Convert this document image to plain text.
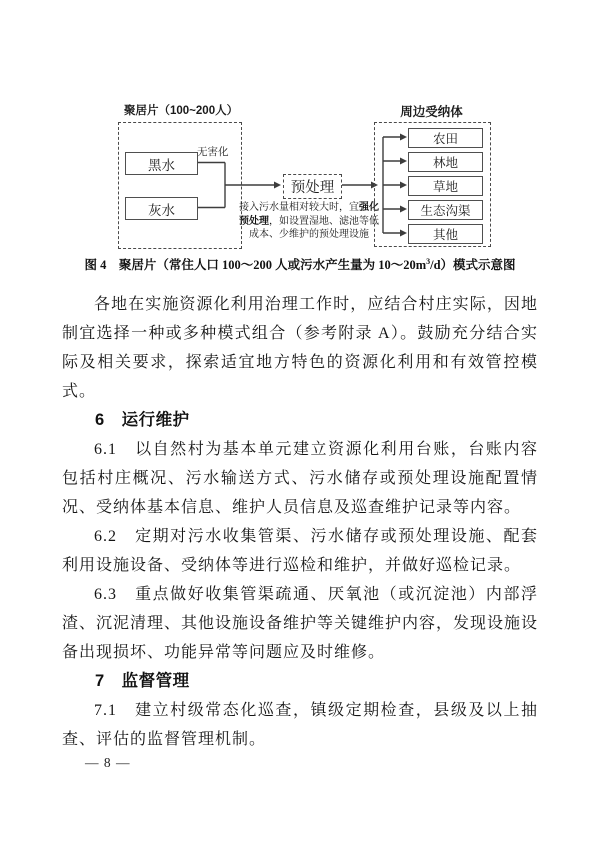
聚居片（100~200人）
黑水
灰水
无害化
预处理
接入污水量相对较大时，宜强化
预处理，如设置湿地、滤池等低
成本、少维护的预处理设施
周边受纳体
农田
林地
草地
生态沟渠
其他
图 4　聚居片（常住人口 100～200 人或污水产生量为 $10\sim 20m^3/d$）模式示意图

各地在实施资源化利用治理工作时，应结合村庄实际，因地制宜选择一种或多种模式组合（参考附录 A）。鼓励充分结合实际及相关要求，探索适宜地方特色的资源化利用和有效管控模式。

6　运行维护

6.1　以自然村为基本单元建立资源化利用台账，台账内容包括村庄概况、污水输送方式、污水储存或预处理设施配置情况、受纳体基本信息、维护人员信息及巡查维护记录等内容。

6.2　定期对污水收集管渠、污水储存或预处理设施、配套利用设施设备、受纳体等进行巡检和维护，并做好巡检记录。

6.3　重点做好收集管渠疏通、厌氧池（或沉淀池）内部浮渣、沉泥清理、其他设施设备维护等关键维护内容，发现设施设备出现损坏、功能异常等问题应及时维修。

7　监督管理

7.1　建立村级常态化巡查，镇级定期检查，县级及以上抽查、评估的监督管理机制。

— 8 —
